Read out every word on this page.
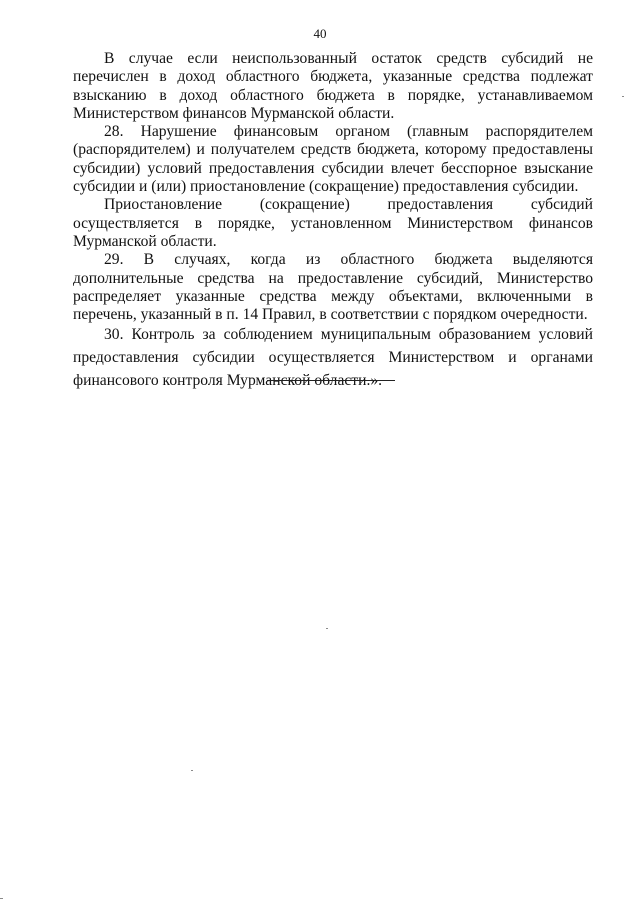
40

В случае если неиспользованный остаток средств субсидий не перечислен в доход областного бюджета, указанные средства подлежат взысканию в доход областного бюджета в порядке, устанавливаемом Министерством финансов Мурманской области.

28. Нарушение финансовым органом (главным распорядителем (распорядителем) и получателем средств бюджета, которому предоставлены субсидии) условий предоставления субсидии влечет бесспорное взыскание субсидии и (или) приостановление (сокращение) предоставления субсидии.

Приостановление (сокращение) предоставления субсидий осуществляется в порядке, установленном Министерством финансов Мурманской области.

29. В случаях, когда из областного бюджета выделяются дополнительные средства на предоставление субсидий, Министерство распределяет указанные средства между объектами, включенными в перечень, указанный в п. 14 Правил, в соответствии с порядком очередности.

30. Контроль за соблюдением муниципальным образованием условий предоставления субсидии осуществляется Министерством и органами финансового контроля Мурманской области.».
